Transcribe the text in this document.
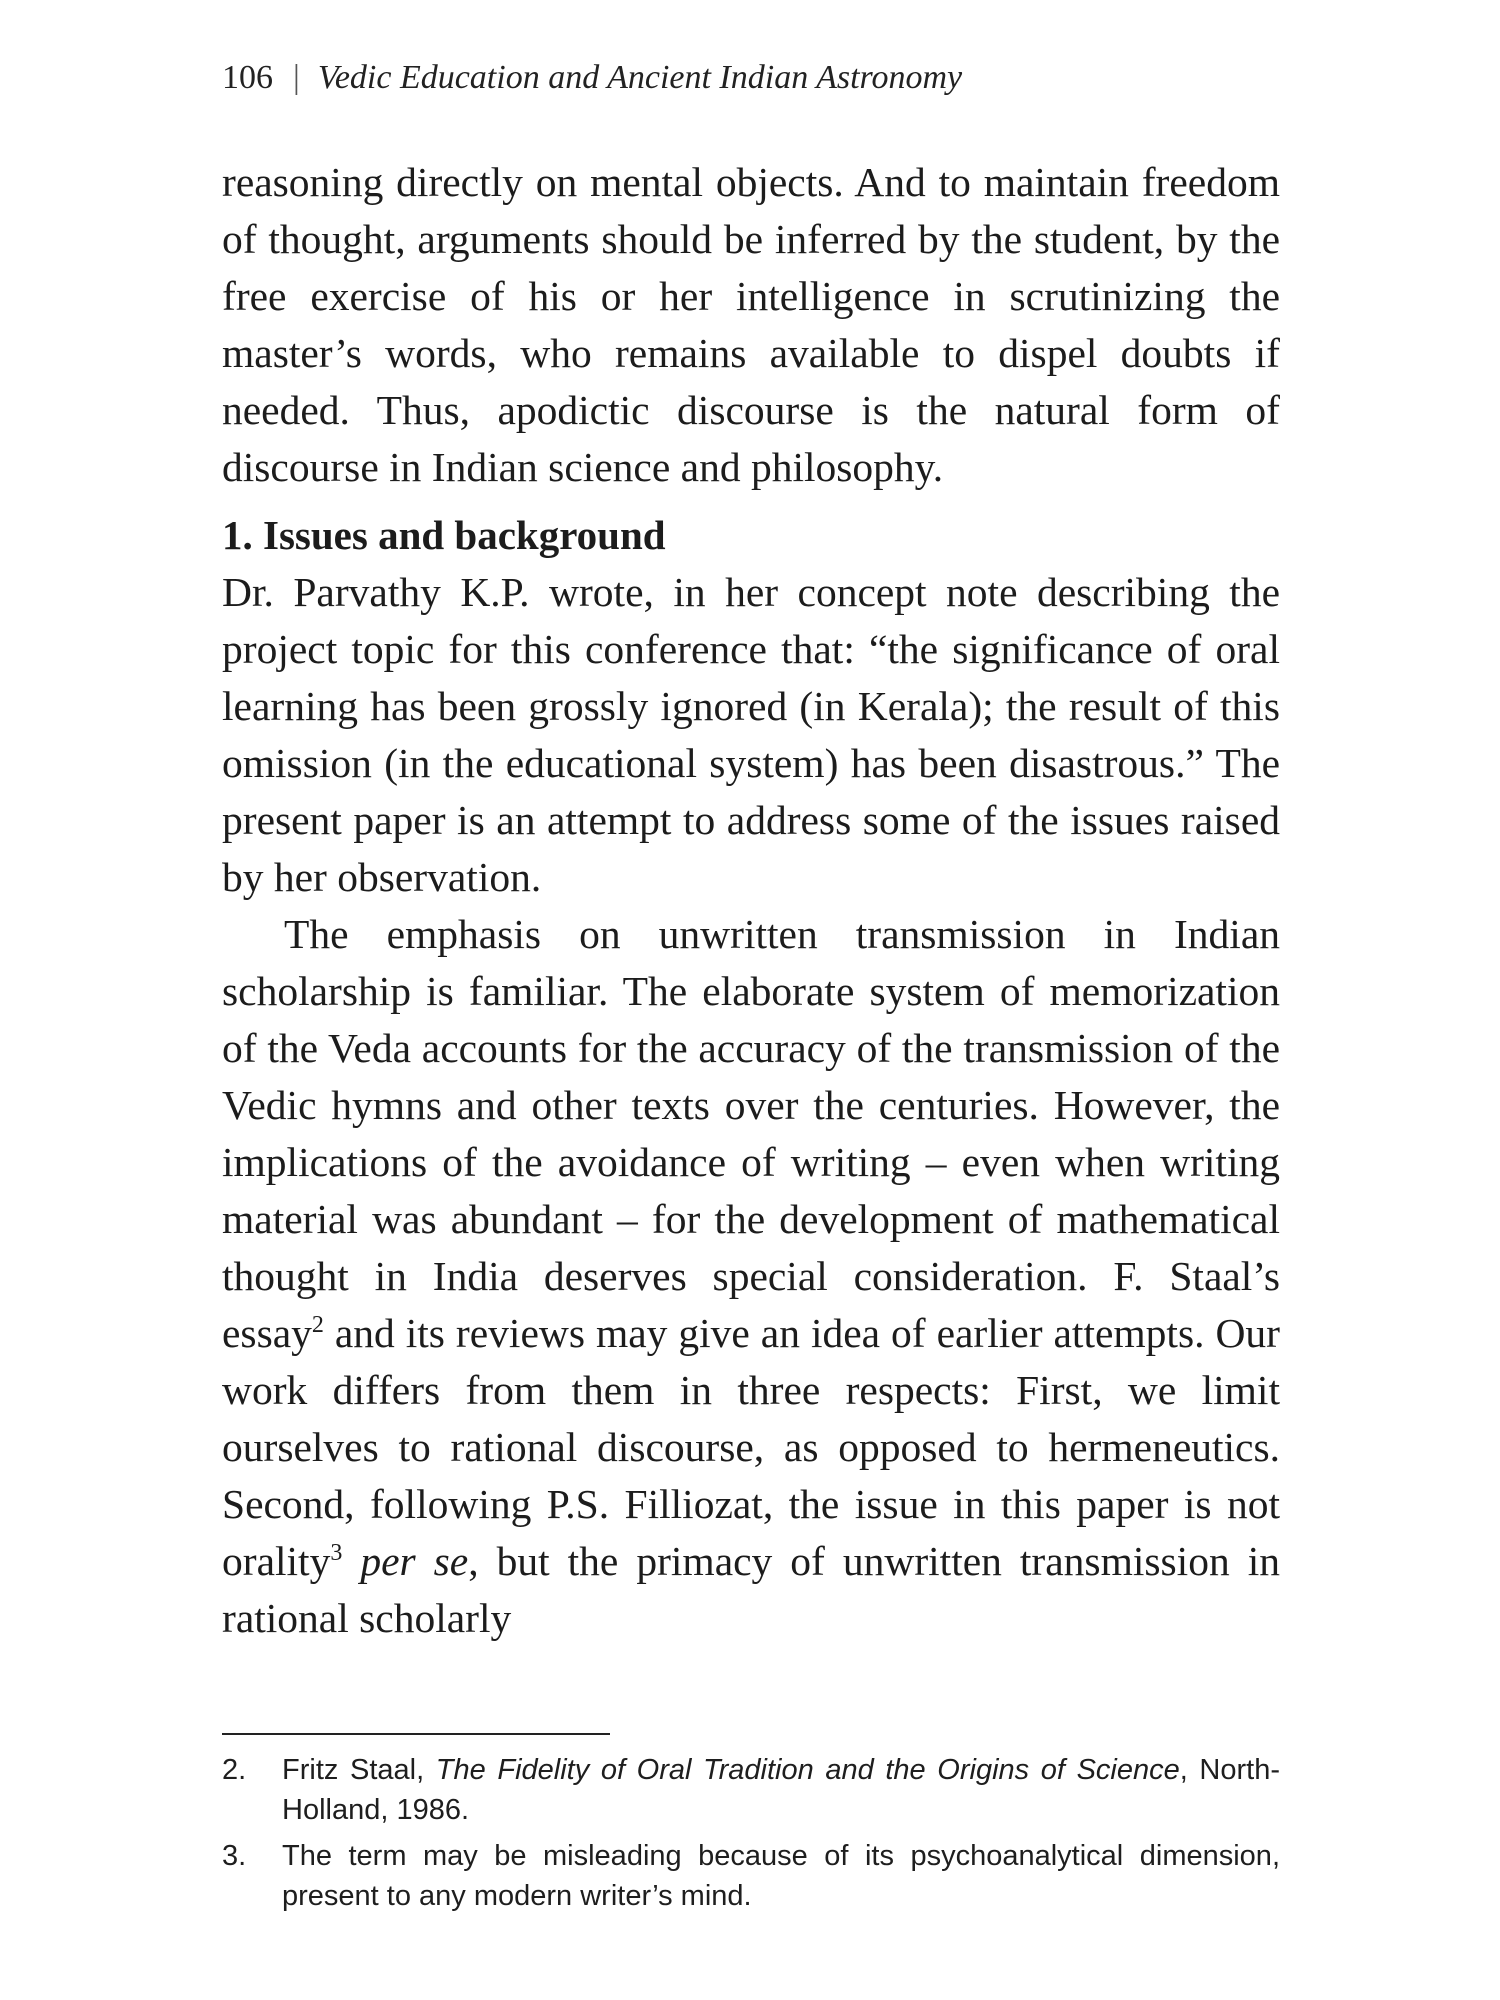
106 | Vedic Education and Ancient Indian Astronomy

reasoning directly on mental objects. And to maintain freedom of thought, arguments should be inferred by the student, by the free exercise of his or her intelligence in scrutinizing the master’s words, who remains available to dispel doubts if needed. Thus, apodictic discourse is the natural form of discourse in Indian science and philosophy.

1. Issues and background

Dr. Parvathy K.P. wrote, in her concept note describing the project topic for this conference that: “the significance of oral learning has been grossly ignored (in Kerala); the result of this omission (in the educational system) has been disastrous.” The present paper is an attempt to address some of the issues raised by her observation.

The emphasis on unwritten transmission in Indian scholarship is familiar. The elaborate system of memorization of the Veda accounts for the accuracy of the transmission of the Vedic hymns and other texts over the centuries. However, the implications of the avoidance of writing – even when writing material was abundant – for the development of mathematical thought in India deserves special consideration. F. Staal’s essay$^2$ and its reviews may give an idea of earlier attempts. Our work differs from them in three respects: First, we limit ourselves to rational discourse, as opposed to hermeneutics. Second, following P.S. Filliozat, the issue in this paper is not orality$^3$ per se, but the primacy of unwritten transmission in rational scholarly

2.	Fritz Staal, The Fidelity of Oral Tradition and the Origins of Science, North-Holland, 1986.
3.	The term may be misleading because of its psychoanalytical dimension, present to any modern writer’s mind.
